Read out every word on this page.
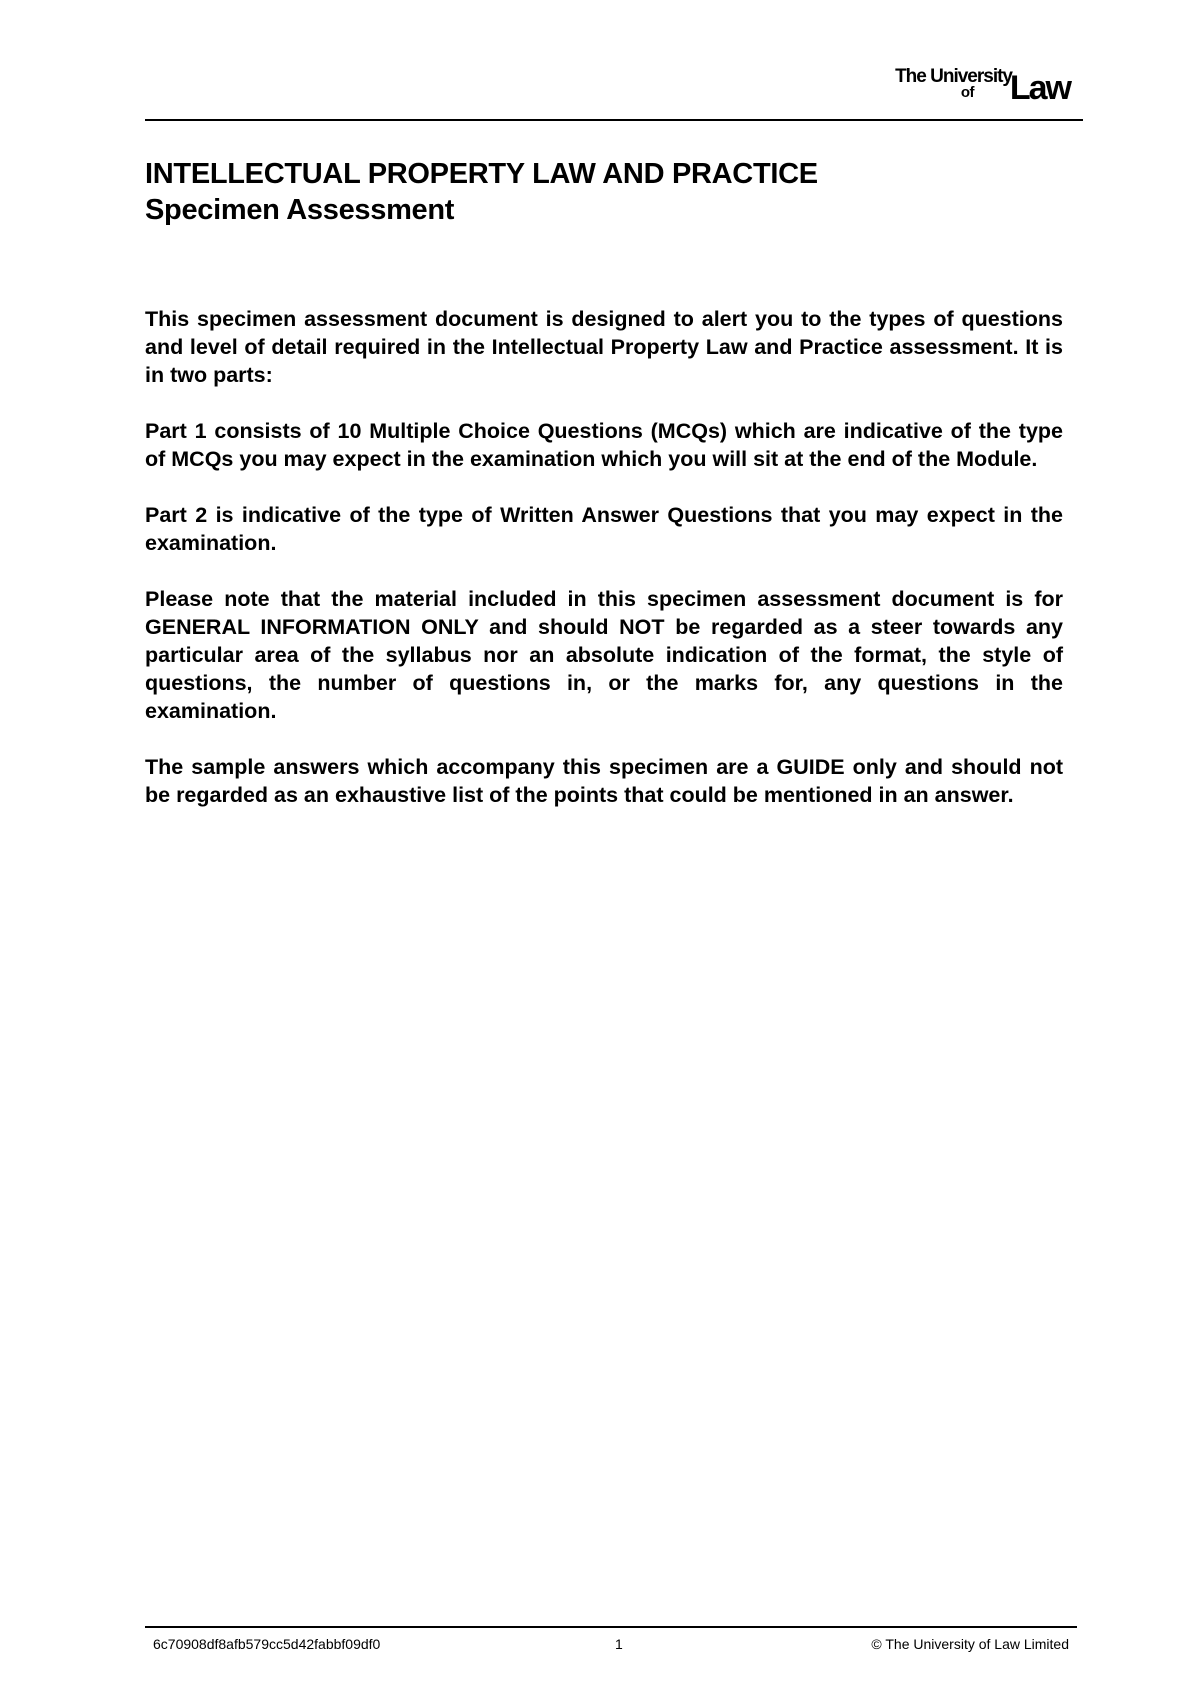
The University
of Law
INTELLECTUAL PROPERTY LAW AND PRACTICE
Specimen Assessment

This specimen assessment document is designed to alert you to the types of questions and level of detail required in the Intellectual Property Law and Practice assessment. It is in two parts:

Part 1 consists of 10 Multiple Choice Questions (MCQs) which are indicative of the type of MCQs you may expect in the examination which you will sit at the end of the Module.

Part 2 is indicative of the type of Written Answer Questions that you may expect in the examination.

Please note that the material included in this specimen assessment document is for GENERAL INFORMATION ONLY and should NOT be regarded as a steer towards any particular area of the syllabus nor an absolute indication of the format, the style of questions, the number of questions in, or the marks for, any questions in the examination.

The sample answers which accompany this specimen are a GUIDE only and should not be regarded as an exhaustive list of the points that could be mentioned in an answer.

6c70908df8afb579cc5d42fabbf09df0	1	© The University of Law Limited
